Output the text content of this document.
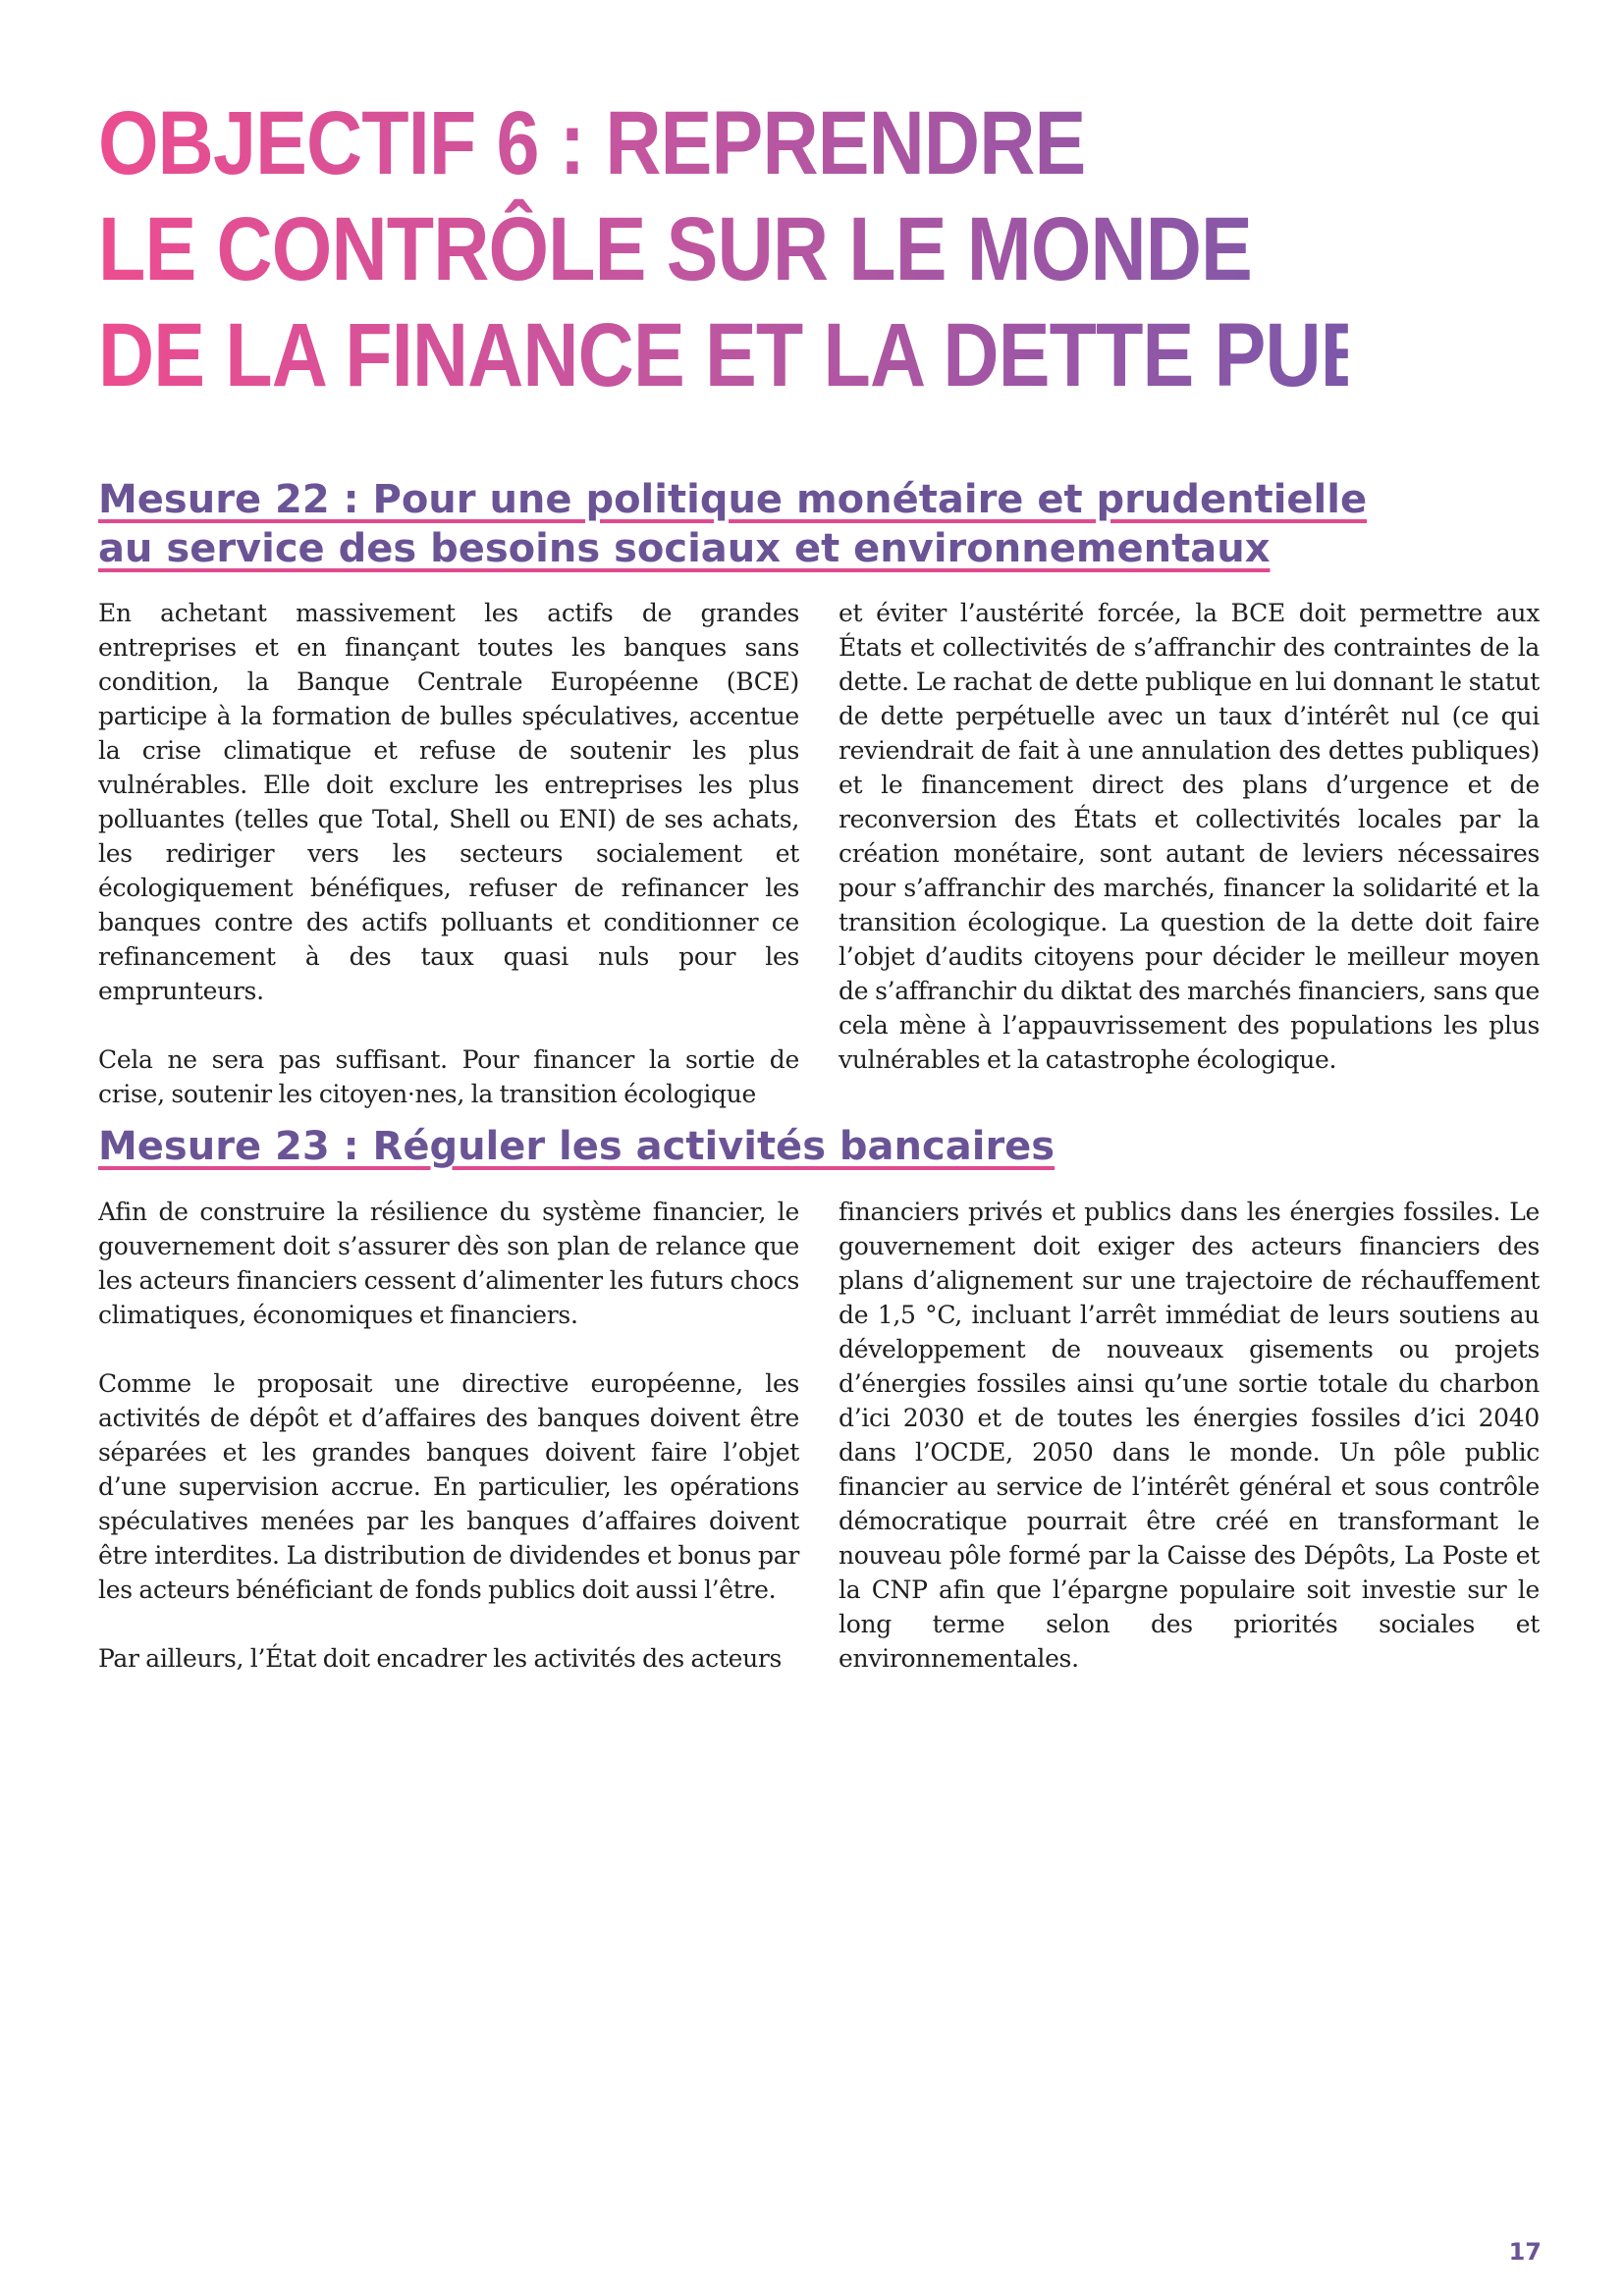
OBJECTIF 6 : REPRENDRE
LE CONTRÔLE SUR LE MONDE
DE LA FINANCE ET LA DETTE PUBLIQUE
Mesure 22 : Pour une politique monétaire et prudentielle
au service des besoins sociaux et environnementaux

En achetant massivement les actifs de grandes entreprises et en finançant toutes les banques sans condition, la Banque Centrale Européenne (BCE) participe à la formation de bulles spéculatives, accentue la crise climatique et refuse de soutenir les plus vulnérables. Elle doit exclure les entreprises les plus polluantes (telles que Total, Shell ou ENI) de ses achats, les rediriger vers les secteurs socialement et écologiquement bénéfiques, refuser de refinancer les banques contre des actifs polluants et conditionner ce refinancement à des taux quasi nuls pour les emprunteurs.

Cela ne sera pas suffisant. Pour financer la sortie de crise, soutenir les citoyen·nes, la transition écologique

et éviter l’austérité forcée, la BCE doit permettre aux États et collectivités de s’affranchir des contraintes de la dette. Le rachat de dette publique en lui donnant le statut de dette perpétuelle avec un taux d’intérêt nul (ce qui reviendrait de fait à une annulation des dettes publiques) et le financement direct des plans d’urgence et de reconversion des États et collectivités locales par la création monétaire, sont autant de leviers nécessaires pour s’affranchir des marchés, financer la solidarité et la transition écologique. La question de la dette doit faire l’objet d’audits citoyens pour décider le meilleur moyen de s’affranchir du diktat des marchés financiers, sans que cela mène à l’appauvrissement des populations les plus vulnérables et la catastrophe écologique.

Mesure 23 : Réguler les activités bancaires

Afin de construire la résilience du système financier, le gouvernement doit s’assurer dès son plan de relance que les acteurs financiers cessent d’alimenter les futurs chocs climatiques, économiques et financiers.

Comme le proposait une directive européenne, les activités de dépôt et d’affaires des banques doivent être séparées et les grandes banques doivent faire l’objet d’une supervision accrue. En particulier, les opérations spéculatives menées par les banques d’affaires doivent être interdites. La distribution de dividendes et bonus par les acteurs bénéficiant de fonds publics doit aussi l’être.

Par ailleurs, l’État doit encadrer les activités des acteurs

financiers privés et publics dans les énergies fossiles. Le gouvernement doit exiger des acteurs financiers des plans d’alignement sur une trajectoire de réchauffement de 1,5 °C, incluant l’arrêt immédiat de leurs soutiens au développement de nouveaux gisements ou projets d’énergies fossiles ainsi qu’une sortie totale du charbon d’ici 2030 et de toutes les énergies fossiles d’ici 2040 dans l’OCDE, 2050 dans le monde. Un pôle public financier au service de l’intérêt général et sous contrôle démocratique pourrait être créé en transformant le nouveau pôle formé par la Caisse des Dépôts, La Poste et la CNP afin que l’épargne populaire soit investie sur le long terme selon des priorités sociales et environnementales.

17
